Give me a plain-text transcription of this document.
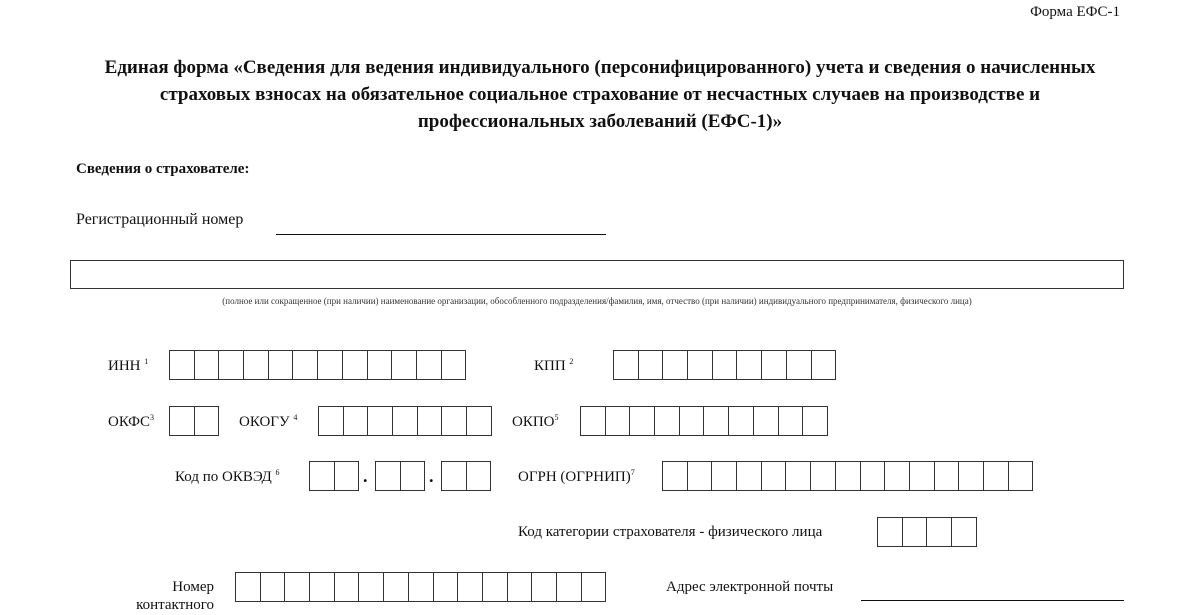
Форма ЕФС-1
Единая форма «Сведения для ведения индивидуального (персонифицированного) учета и сведения о начисленных страховых взносах на обязательное социальное страхование от несчастных случаев на производстве и профессиональных заболеваний (ЕФС-1)»
Сведения о страхователе:
Регистрационный номер
(полное или сокращенное (при наличии) наименование организации, обособленного подразделения/фамилия, имя, отчество (при наличии) индивидуального предпринимателя, физического лица)
ИНН $^1$	КПП $^2$
ОКФС$^3$	ОКОГУ $^4$	ОКПО$^5$
Код по ОКВЭД $^6$	.	.	ОГРН (ОГРНИП)$^7$
Код категории страхователя - физического лица
Номер
контактного
Адрес электронной почты
